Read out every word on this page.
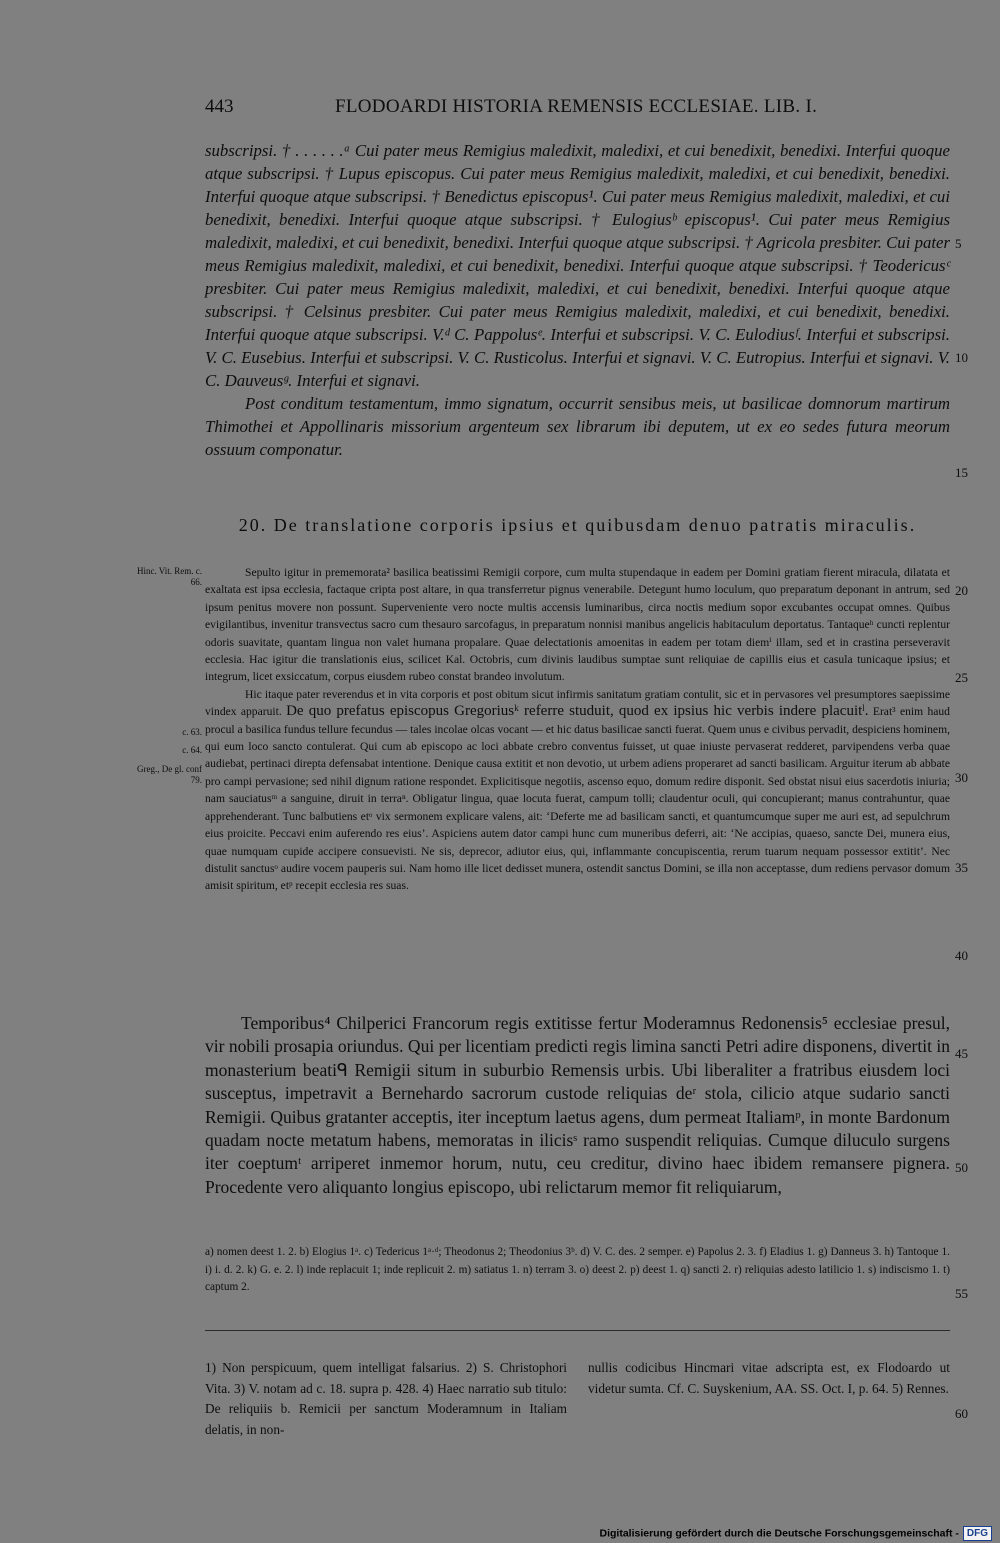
443	FLODOARDI HISTORIA REMENSIS ECCLESIAE. LIB. I.

subscripsi. † . . . . . .ᵃ Cui pater meus Remigius maledixit, maledixi, et cui benedixit, benedixi. Interfui quoque atque subscripsi. † Lupus episcopus. Cui pater meus Remigius maledixit, maledixi, et cui benedixit, benedixi. Interfui quoque atque subscripsi. † Benedictus episcopus¹. Cui pater meus Remigius maledixit, maledixi, et cui benedixit, benedixi. Interfui quoque atque subscripsi. † Eulogiusᵇ episcopus¹. Cui pater meus Remigius maledixit, maledixi, et cui benedixit, benedixi. Interfui quoque atque subscripsi. † Agricola presbiter. Cui pater meus Remigius maledixit, maledixi, et cui benedixit, benedixi. Interfui quoque atque subscripsi. † Teodericusᶜ presbiter. Cui pater meus Remigius maledixit, maledixi, et cui benedixit, benedixi. Interfui quoque atque subscripsi. † Celsinus presbiter. Cui pater meus Remigius maledixit, maledixi, et cui benedixit, benedixi. Interfui quoque atque subscripsi. V.ᵈ C. Pappolusᵉ. Interfui et subscripsi. V. C. Eulodiusᶠ. Interfui et subscripsi. V. C. Eusebius. Interfui et subscripsi. V. C. Rusticolus. Interfui et signavi. V. C. Eutropius. Interfui et signavi. V. C. Dauveusᵍ. Interfui et signavi.

Post conditum testamentum, immo signatum, occurrit sensibus meis, ut basilicae domnorum martirum Thimothei et Appollinaris missorium argenteum sex librarum ibi deputem, ut ex eo sedes futura meorum ossuum componatur.

20. De translatione corporis ipsius et quibusdam denuo patratis miraculis.

Sepulto igitur in prememorata² basilica beatissimi Remigii corpore, cum multa stupendaque in eadem per Domini gratiam fierent miracula, dilatata et exaltata est ipsa ecclesia, factaque cripta post altare, in qua transferretur pignus venerabile. Detegunt humo loculum, quo preparatum deponant in antrum, sed ipsum penitus movere non possunt. Superveniente vero nocte multis accensis luminaribus, circa noctis medium sopor excubantes occupat omnes. Quibus evigilantibus, invenitur transvectus sacro cum thesauro sarcofagus, in preparatum nonnisi manibus angelicis habitaculum deportatus. Tantaqueʰ cuncti replentur odoris suavitate, quantam lingua non valet humana propalare. Quae delectationis amoenitas in eadem per totam diemⁱ illam, sed et in crastina perseveravit ecclesia. Hac igitur die translationis eius, scilicet Kal. Octobris, cum divinis laudibus sumptae sunt reliquiae de capillis eius et casula tunicaque ipsius; et integrum, licet exsiccatum, corpus eiusdem rubeo constat brandeo involutum.

Hic itaque pater reverendus et in vita corporis et post obitum sicut infirmis sanitatum gratiam contulit, sic et in pervasores vel presumptores saepissime vindex apparuit. De quo prefatus episcopus Gregoriusᵏ referre studuit, quod ex ipsius hic verbis indere placuitˡ. Erat³ enim haud procul a basilica fundus tellure fecundus — tales incolae olcas vocant — et hic datus basilicae sancti fuerat. Quem unus e civibus pervadit, despiciens hominem, qui eum loco sancto contulerat. Qui cum ab episcopo ac loci abbate crebro conventus fuisset, ut quae iniuste pervaserat redderet, parvipendens verba quae audiebat, pertinaci direpta defensabat intentione. Denique causa extitit et non devotio, ut urbem adiens properaret ad sancti basilicam. Arguitur iterum ab abbate pro campi pervasione; sed nihil dignum ratione respondet. Explicitisque negotiis, ascenso equo, domum redire disponit. Sed obstat nisui eius sacerdotis iniuria; nam sauciatusᵐ a sanguine, diruit in terraⁿ. Obligatur lingua, quae locuta fuerat, campum tolli; claudentur oculi, qui concupierant; manus contrahuntur, quae apprehenderant. Tunc balbutiens etᵒ vix sermonem explicare valens, ait: ‘Deferte me ad basilicam sancti, et quantumcumque super me auri est, ad sepulchrum eius proicite. Peccavi enim auferendo res eius’. Aspiciens autem dator campi hunc cum muneribus deferri, ait: ‘Ne accipias, quaeso, sancte Dei, munera eius, quae numquam cupide accipere consuevisti. Ne sis, deprecor, adiutor eius, qui, inflammante concupiscentia, rerum tuarum nequam possessor extitit’. Nec distulit sanctusᵒ audire vocem pauperis sui. Nam homo ille licet dedisset munera, ostendit sanctus Domini, se illa non acceptasse, dum rediens pervasor domum amisit spiritum, etᵖ recepit ecclesia res suas.

Temporibus⁴ Chilperici Francorum regis extitisse fertur Moderamnus Redonensis⁵ ecclesiae presul, vir nobili prosapia oriundus. Qui per licentiam predicti regis limina sancti Petri adire disponens, divertit in monasterium beatiᑫ Remigii situm in suburbio Remensis urbis. Ubi liberaliter a fratribus eiusdem loci susceptus, impetravit a Bernehardo sacrorum custode reliquias deʳ stola, cilicio atque sudario sancti Remigii. Quibus gratanter acceptis, iter inceptum laetus agens, dum permeat Italiamᵖ, in monte Bardonum quadam nocte metatum habens, memoratas in ilicisˢ ramo suspendit reliquias. Cumque diluculo surgens iter coeptumᵗ arriperet inmemor horum, nutu, ceu creditur, divino haec ibidem remansere pignera. Procedente vero aliquanto longius episcopo, ubi relictarum memor fit reliquiarum,

a) nomen deest 1. 2. b) Elogius 1ᵃ. c) Tedericus 1ᵃ·ᵈ; Theodonus 2; Theodonius 3ᵇ. d) V. C. des. 2 semper. e) Papolus 2. 3. f) Eladius 1. g) Danneus 3. h) Tantoque 1. i) i. d. 2. k) G. e. 2. l) inde replacuit 1; inde replicuit 2. m) satiatus 1. n) terram 3. o) deest 2. p) deest 1. q) sancti 2. r) reliquias adesto latilicio 1. s) indiscismo 1. t) captum 2.

1) Non perspicuum, quem intelligat falsarius. 2) S. Christophori Vita. 3) V. notam ad c. 18. supra p. 428. 4) Haec narratio sub titulo: De reliquiis b. Remicii per sanctum Moderamnum in Italiam delatis, in non-
nullis codicibus Hincmari vitae adscripta est, ex Flodoardo ut videtur sumta. Cf. C. Suyskenium, AA. SS. Oct. I, p. 64. 5) Rennes.
Hinc. Vit. Rem. c. 66.
c. 63.
c. 64.
Greg., De gl. conf 79.
5
10
15
20
25
30
35
40
45
50
55
60
Digitalisierung gefördert durch die Deutsche Forschungsgemeinschaft - DFG
